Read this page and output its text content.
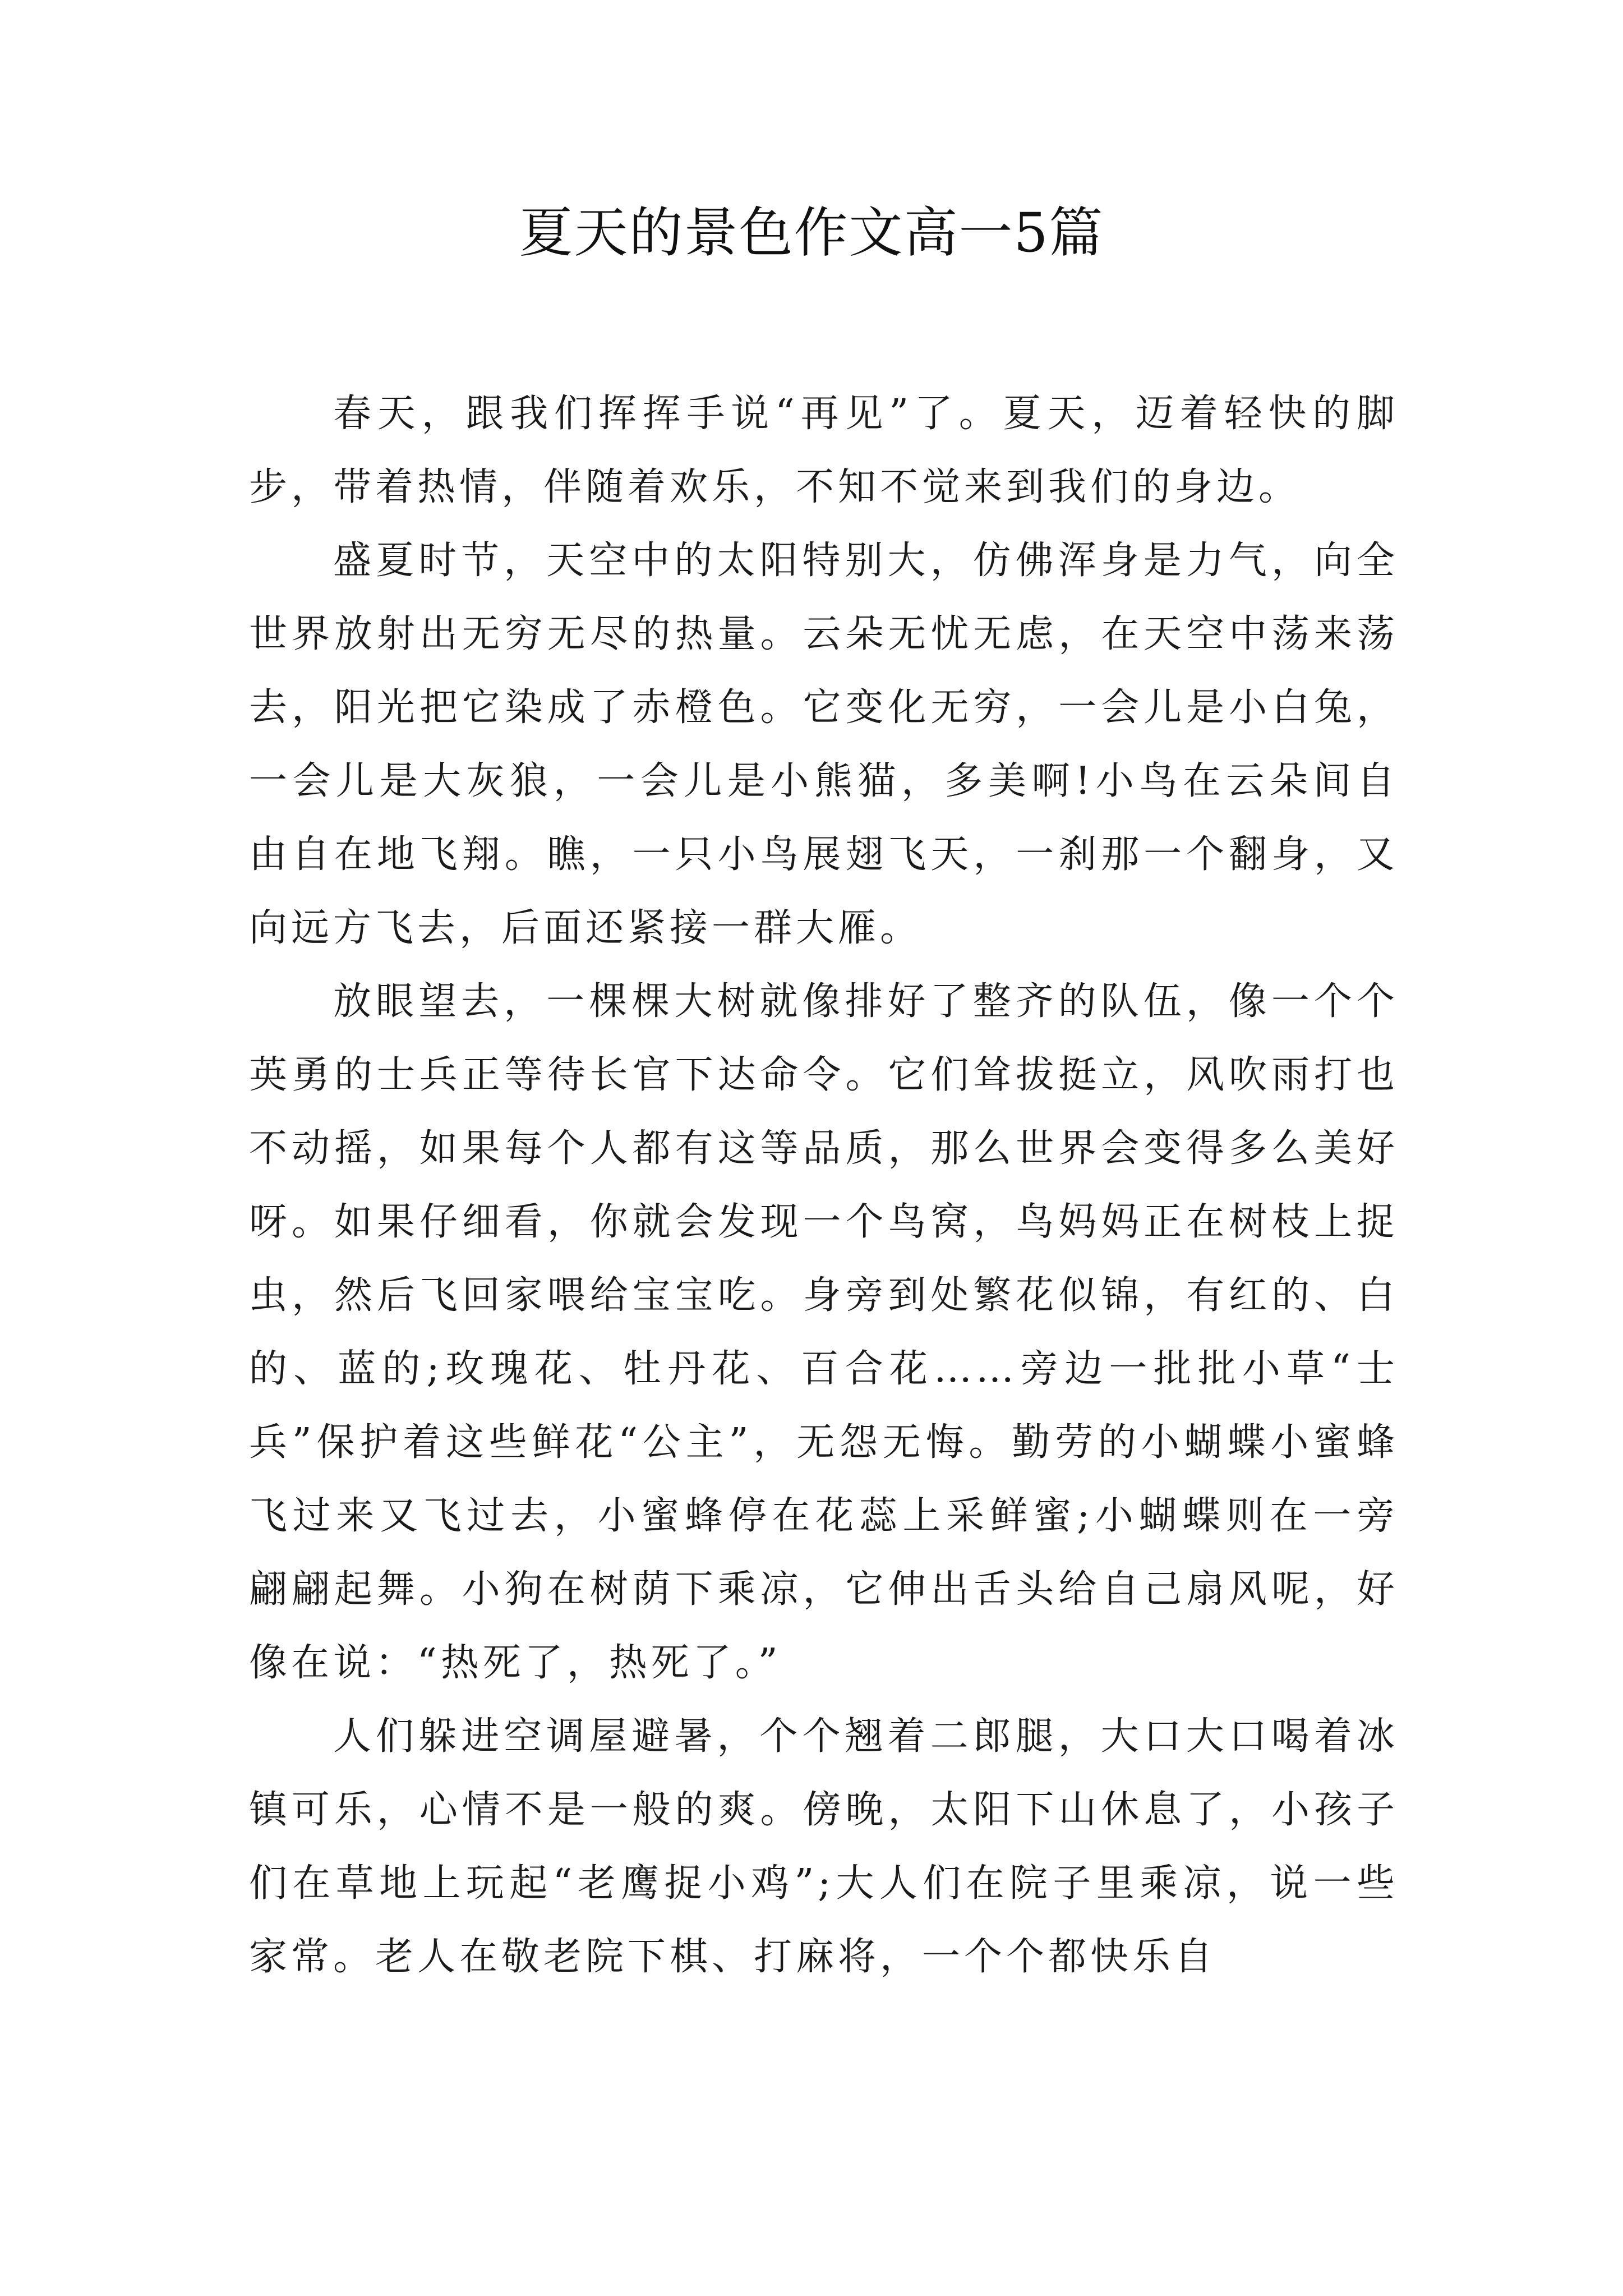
夏天的景色作文高一5篇

春天，跟我们挥挥手说“再见”了。夏天，迈着轻快的脚步，带着热情，伴随着欢乐，不知不觉来到我们的身边。

盛夏时节，天空中的太阳特别大，仿佛浑身是力气，向全世界放射出无穷无尽的热量。云朵无忧无虑，在天空中荡来荡去，阳光把它染成了赤橙色。它变化无穷，一会儿是小白兔，一会儿是大灰狼，一会儿是小熊猫，多美啊!小鸟在云朵间自由自在地飞翔。瞧，一只小鸟展翅飞天，一刹那一个翻身，又向远方飞去，后面还紧接一群大雁。

放眼望去，一棵棵大树就像排好了整齐的队伍，像一个个英勇的士兵正等待长官下达命令。它们耸拔挺立，风吹雨打也不动摇，如果每个人都有这等品质，那么世界会变得多么美好呀。如果仔细看，你就会发现一个鸟窝，鸟妈妈正在树枝上捉虫，然后飞回家喂给宝宝吃。身旁到处繁花似锦，有红的、白的、蓝的;玫瑰花、牡丹花、百合花……旁边一批批小草“士兵”保护着这些鲜花“公主”，无怨无悔。勤劳的小蝴蝶小蜜蜂飞过来又飞过去，小蜜蜂停在花蕊上采鲜蜜;小蝴蝶则在一旁翩翩起舞。小狗在树荫下乘凉，它伸出舌头给自己扇风呢，好像在说：“热死了，热死了。”

人们躲进空调屋避暑，个个翘着二郎腿，大口大口喝着冰镇可乐，心情不是一般的爽。傍晚，太阳下山休息了，小孩子们在草地上玩起“老鹰捉小鸡”;大人们在院子里乘凉，说一些家常。老人在敬老院下棋、打麻将，一个个都快乐自
